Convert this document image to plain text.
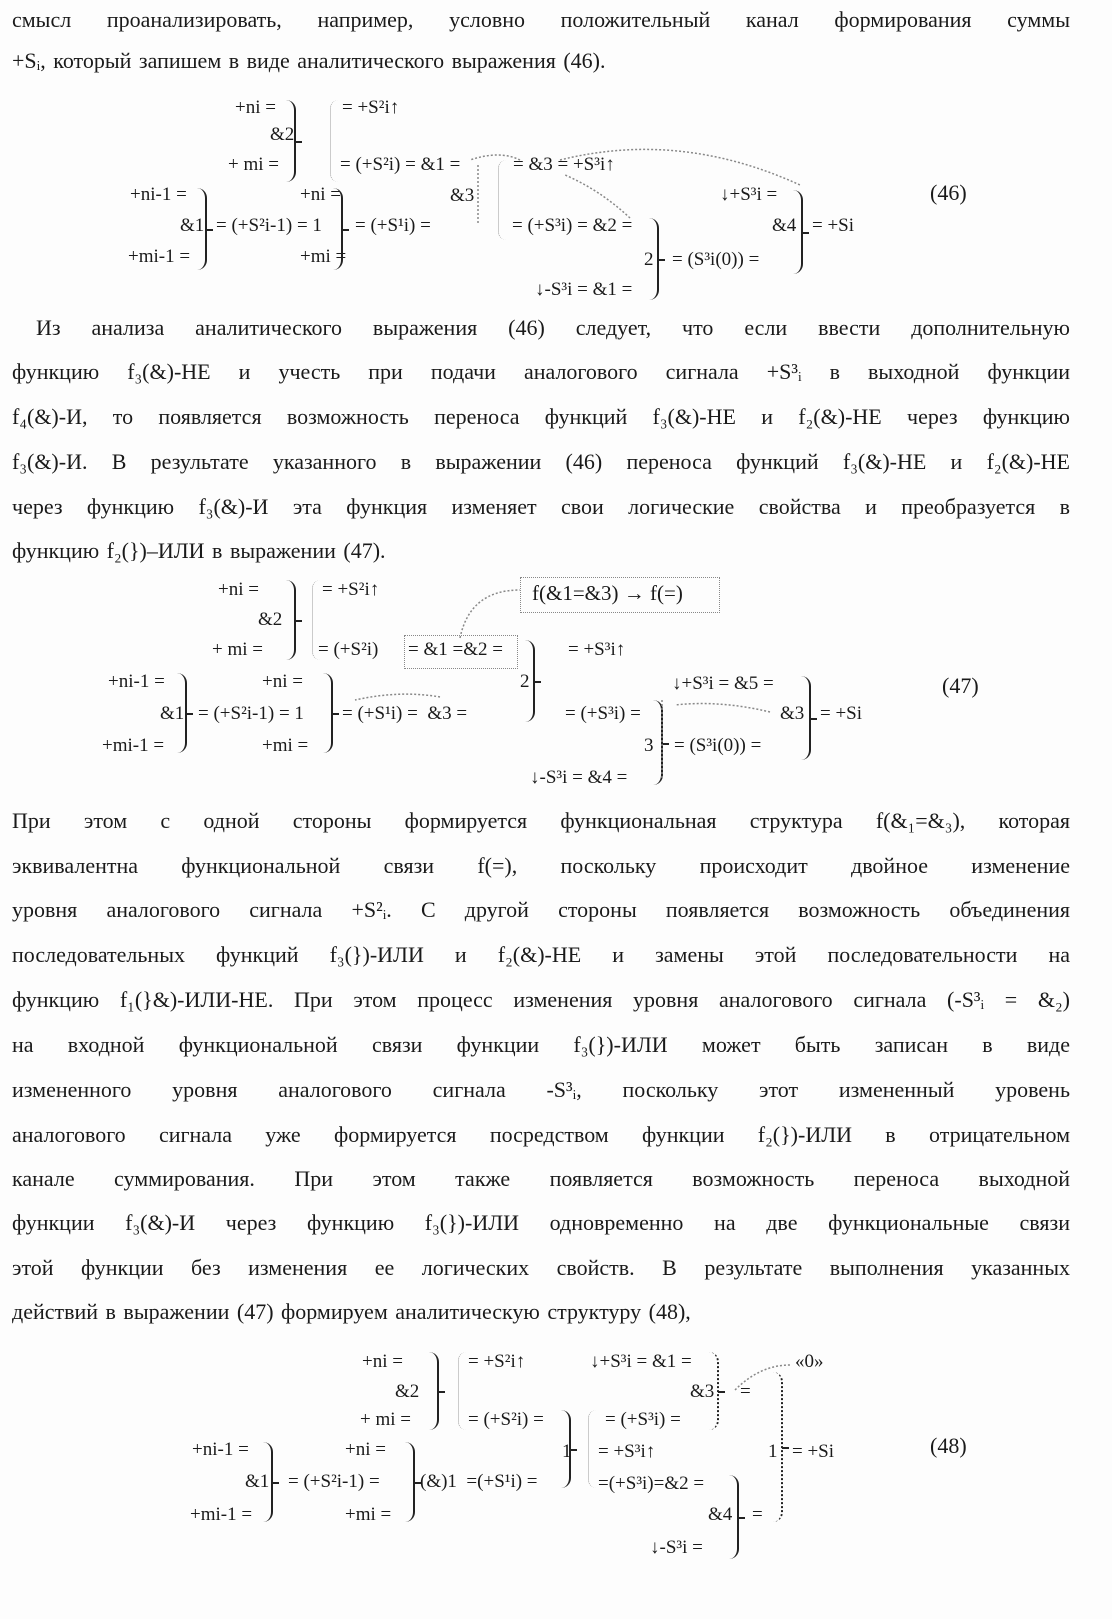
смысл проанализировать, например, условно положительный канал формирования суммы
+Sᵢ, который запишем в виде аналитического выражения (46).
+ni =
&2
+ mi =
= +S²i↑
= (+S²i) = &1 =	= &3 = +S³i↑
&3
+ni-1 =
&1
+mi-1 =
= (+S²i-1) = 1
+ni =
+mi =
= (+S¹i) =	= (+S³i) = &2 =
2 = (S³i(0)) =
↓-S³i = &1 =
↓+S³i =
&4 = +Si
(46)
Из анализа аналитического выражения (46) следует, что если ввести дополнительную
функцию f₃(&)-НЕ и учесть при подачи аналогового сигнала +S³ᵢ в выходной функции
f₄(&)-И, то появляется возможность переноса функций f₃(&)-НЕ и f₂(&)-НЕ через функцию
f₃(&)-И. В результате указанного в выражении (46) переноса функций f₃(&)-НЕ и f₂(&)-НЕ
через функцию f₃(&)-И эта функция изменяет свои логические свойства и преобразуется в
функцию f₂(})–ИЛИ в выражении (47).
+ni =
&2
+ mi =
= +S²i↑
= (+S²i) = &1 =&2 =
f(&1=&3) → f(=)
2
= +S³i↑
+ni-1 =
&1
+mi-1 =
= (+S²i-1) = 1
+ni =
+mi =
= (+S¹i) =  &3 =	= (+S³i) =
3 = (S³i(0)) =
↓+S³i = &5 =
&3 = +Si
↓-S³i = &4 =
(47)
При этом с одной стороны формируется функциональная структура f(&₁=&₃), которая
эквивалентна функциональной связи f(=), поскольку происходит двойное изменение
уровня аналогового сигнала +S²ᵢ. С другой стороны появляется возможность объединения
последовательных функций f₃(})-ИЛИ и f₂(&)-НЕ и замены этой последовательности на
функцию f₁(}&)-ИЛИ-НЕ. При этом процесс изменения уровня аналогового сигнала (-S³ᵢ = &₂)
на входной функциональной связи функции f₃(})-ИЛИ может быть записан в виде
измененного уровня аналогового сигнала -S³ᵢ, поскольку этот измененный уровень
аналогового сигнала уже формируется посредством функции f₂(})-ИЛИ в отрицательном
канале суммирования. При этом также появляется возможность переноса выходной
функции f₃(&)-И через функцию f₃(})-ИЛИ одновременно на две функциональные связи
этой функции без изменения ее логических свойств. В результате выполнения указанных
действий в выражении (47) формируем аналитическую структуру (48),
+ni =
&2
+ mi =
= +S²i↑
= (+S²i) =
↓+S³i = &1 =
&3 =
«0»
= (+S³i) =
1 = +S³i↑
=(+S³i)=&2 =
&4 =
↓-S³i =
1 = +Si
+ni-1 =
&1
+mi-1 =
= (+S²i-1) =
+ni =
+mi =
(&)1  =(+S¹i) =
(48)
